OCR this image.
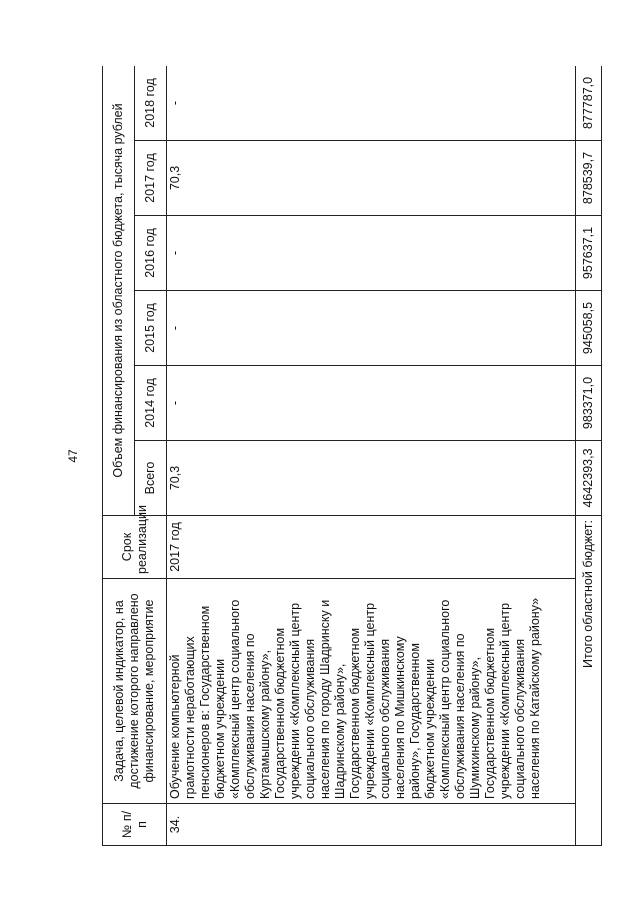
47
№ п/п	Задача, целевой индикатор, на достижение которого направлено финансирование, мероприятие	Срок реализации	Объем финансирования из областного бюджета, тысяча рублей					
			Всего	2014 год	2015 год	2016 год	2017 год	2018 год
34.	Обучение компьютерной грамотности неработающих пенсионеров в: Государственном бюджетном учреждении «Комплексный центр социального обслуживания населения по Куртамышскому району», Государственном бюджетном учреждении «Комплексный центр социального обслуживания населения по городу Шадринску и Шадринскому району», Государственном бюджетном учреждении «Комплексный центр социального обслуживания населения по Мишкинскому району», Государственном бюджетном учреждении «Комплексный центр социального обслуживания населения по Шумихинскому району», Государственном бюджетном учреждении «Комплексный центр социального обслуживания населения по Катайскому району»	2017 год	70,3	-	-	-	70,3	-
Итого областной бюджет:			4642393,3	983371,0	945058,5	957637,1	878539,7	877787,0
